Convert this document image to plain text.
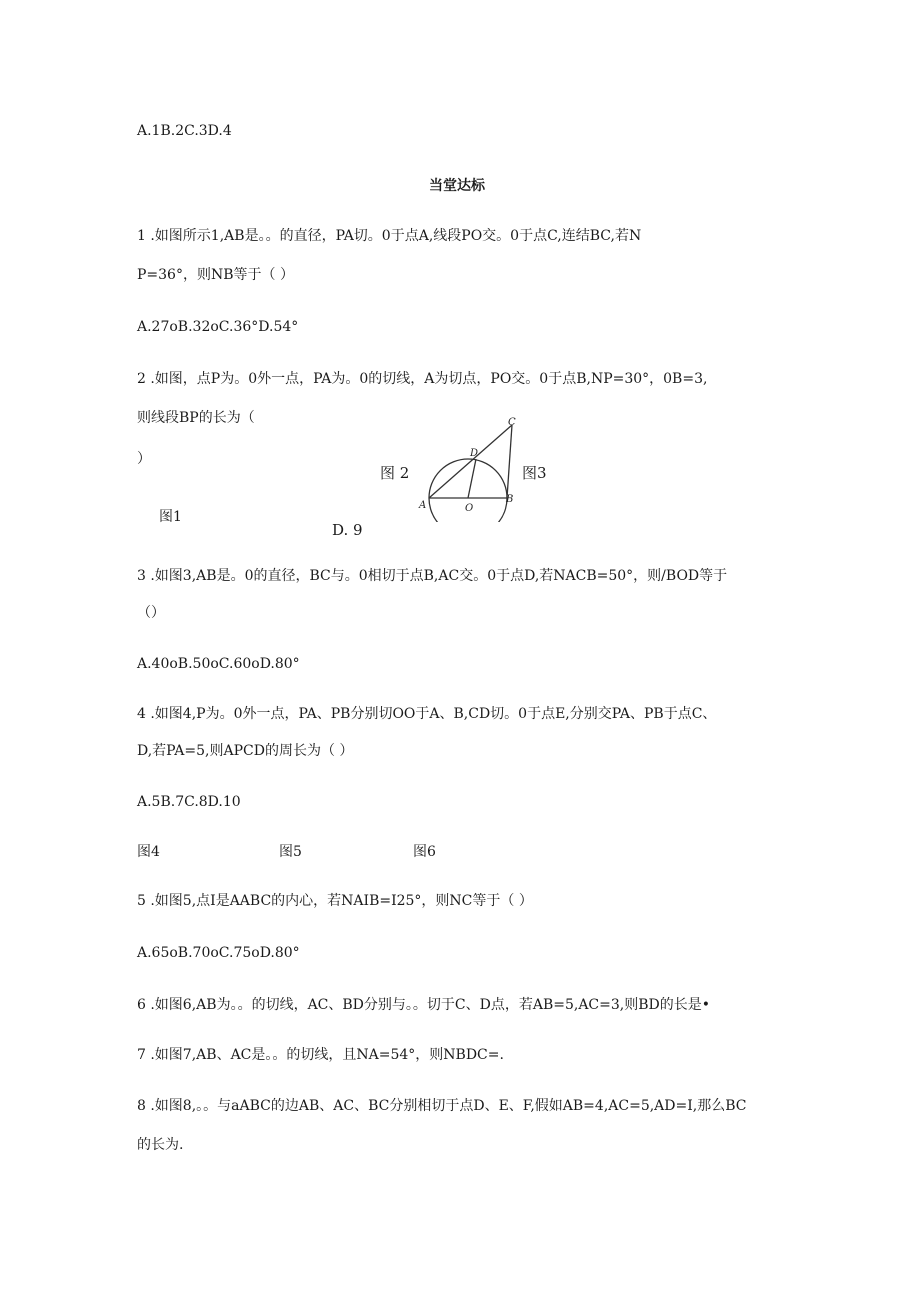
A.1B.2C.3D.4
当堂达标
1 .如图所示1,AB是。。的直径，PA切。0于点A,线段PO交。0于点C,连结BC,若N
P=36°，则NB等于（ ）
A.27oB.32oC.36°D.54°
2 .如图，点P为。0外一点，PA为。0的切线，A为切点，PO交。0于点B,NP=30°，0B=3,
则线段BP的长为（
）
图1
图 2	图3
D. 9
A
B
C
D
O
3 .如图3,AB是。0的直径，BC与。0相切于点B,AC交。0于点D,若NACB=50°，则/BOD等于
（）
A.40oB.50oC.60oD.80°
4 .如图4,P为。0外一点，PA、PB分别切OO于A、B,CD切。0于点E,分别交PA、PB于点C、
D,若PA=5,则APCD的周长为（ ）
A.5B.7C.8D.10
图4	图5	图6
5 .如图5,点I是AABC的内心，若NAIB=I25°，则NC等于（ ）
A.65oB.70oC.75oD.80°
6 .如图6,AB为。。的切线，AC、BD分别与。。切于C、D点，若AB=5,AC=3,则BD的长是•
7 .如图7,AB、AC是。。的切线，且NA=54°，则NBDC=.
8 .如图8,。。与aABC的边AB、AC、BC分别相切于点D、E、F,假如AB=4,AC=5,AD=I,那么BC
的长为.
